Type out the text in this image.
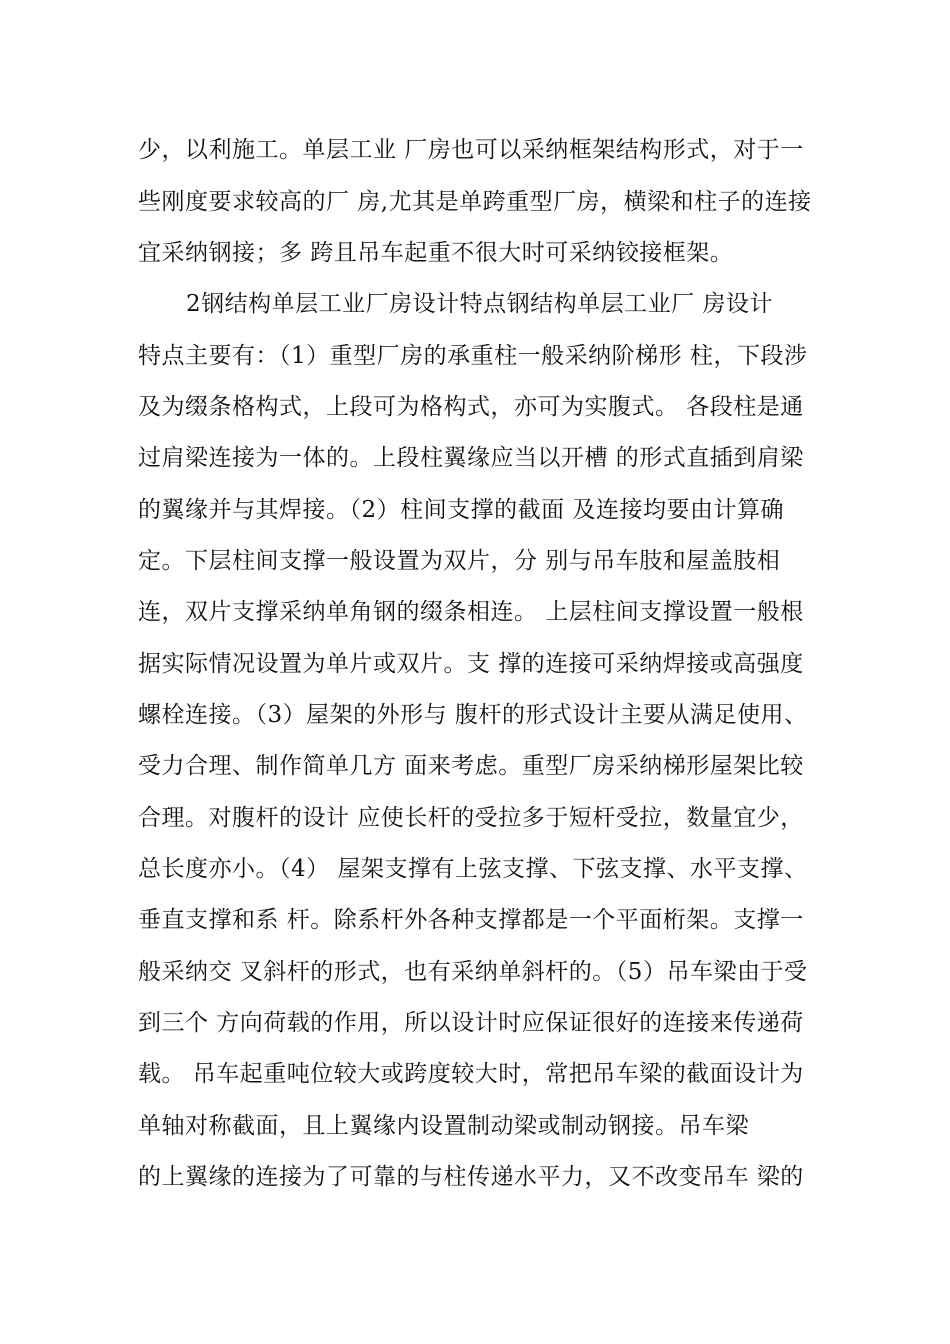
少，以利施工。单层工业 厂房也可以采纳框架结构形式，对于一
些刚度要求较高的厂 房,尤其是单跨重型厂房，横梁和柱子的连接
宜采纳钢接；多 跨且吊车起重不很大时可采纳铰接框架。
2钢结构单层工业厂房设计特点钢结构单层工业厂 房设计
特点主要有：（1）重型厂房的承重柱一般采纳阶梯形 柱，下段涉
及为缀条格构式，上段可为格构式，亦可为实腹式。 各段柱是通
过肩梁连接为一体的。上段柱翼缘应当以开槽 的形式直插到肩梁
的翼缘并与其焊接。（2）柱间支撑的截面 及连接均要由计算确
定。下层柱间支撑一般设置为双片，分 别与吊车肢和屋盖肢相
连，双片支撑采纳单角钢的缀条相连。 上层柱间支撑设置一般根
据实际情况设置为单片或双片。支 撑的连接可采纳焊接或高强度
螺栓连接。（3）屋架的外形与 腹杆的形式设计主要从满足使用、
受力合理、制作简单几方 面来考虑。重型厂房采纳梯形屋架比较
合理。对腹杆的设计 应使长杆的受拉多于短杆受拉，数量宜少，
总长度亦小。（4） 屋架支撑有上弦支撑、下弦支撑、水平支撑、
垂直支撑和系 杆。除系杆外各种支撑都是一个平面桁架。支撑一
般采纳交 叉斜杆的形式，也有采纳单斜杆的。（5）吊车梁由于受
到三个 方向荷载的作用，所以设计时应保证很好的连接来传递荷
载。 吊车起重吨位较大或跨度较大时，常把吊车梁的截面设计为
单轴对称截面，且上翼缘内设置制动梁或制动钢接。吊车梁
的上翼缘的连接为了可靠的与柱传递水平力，又不改变吊车 梁的
